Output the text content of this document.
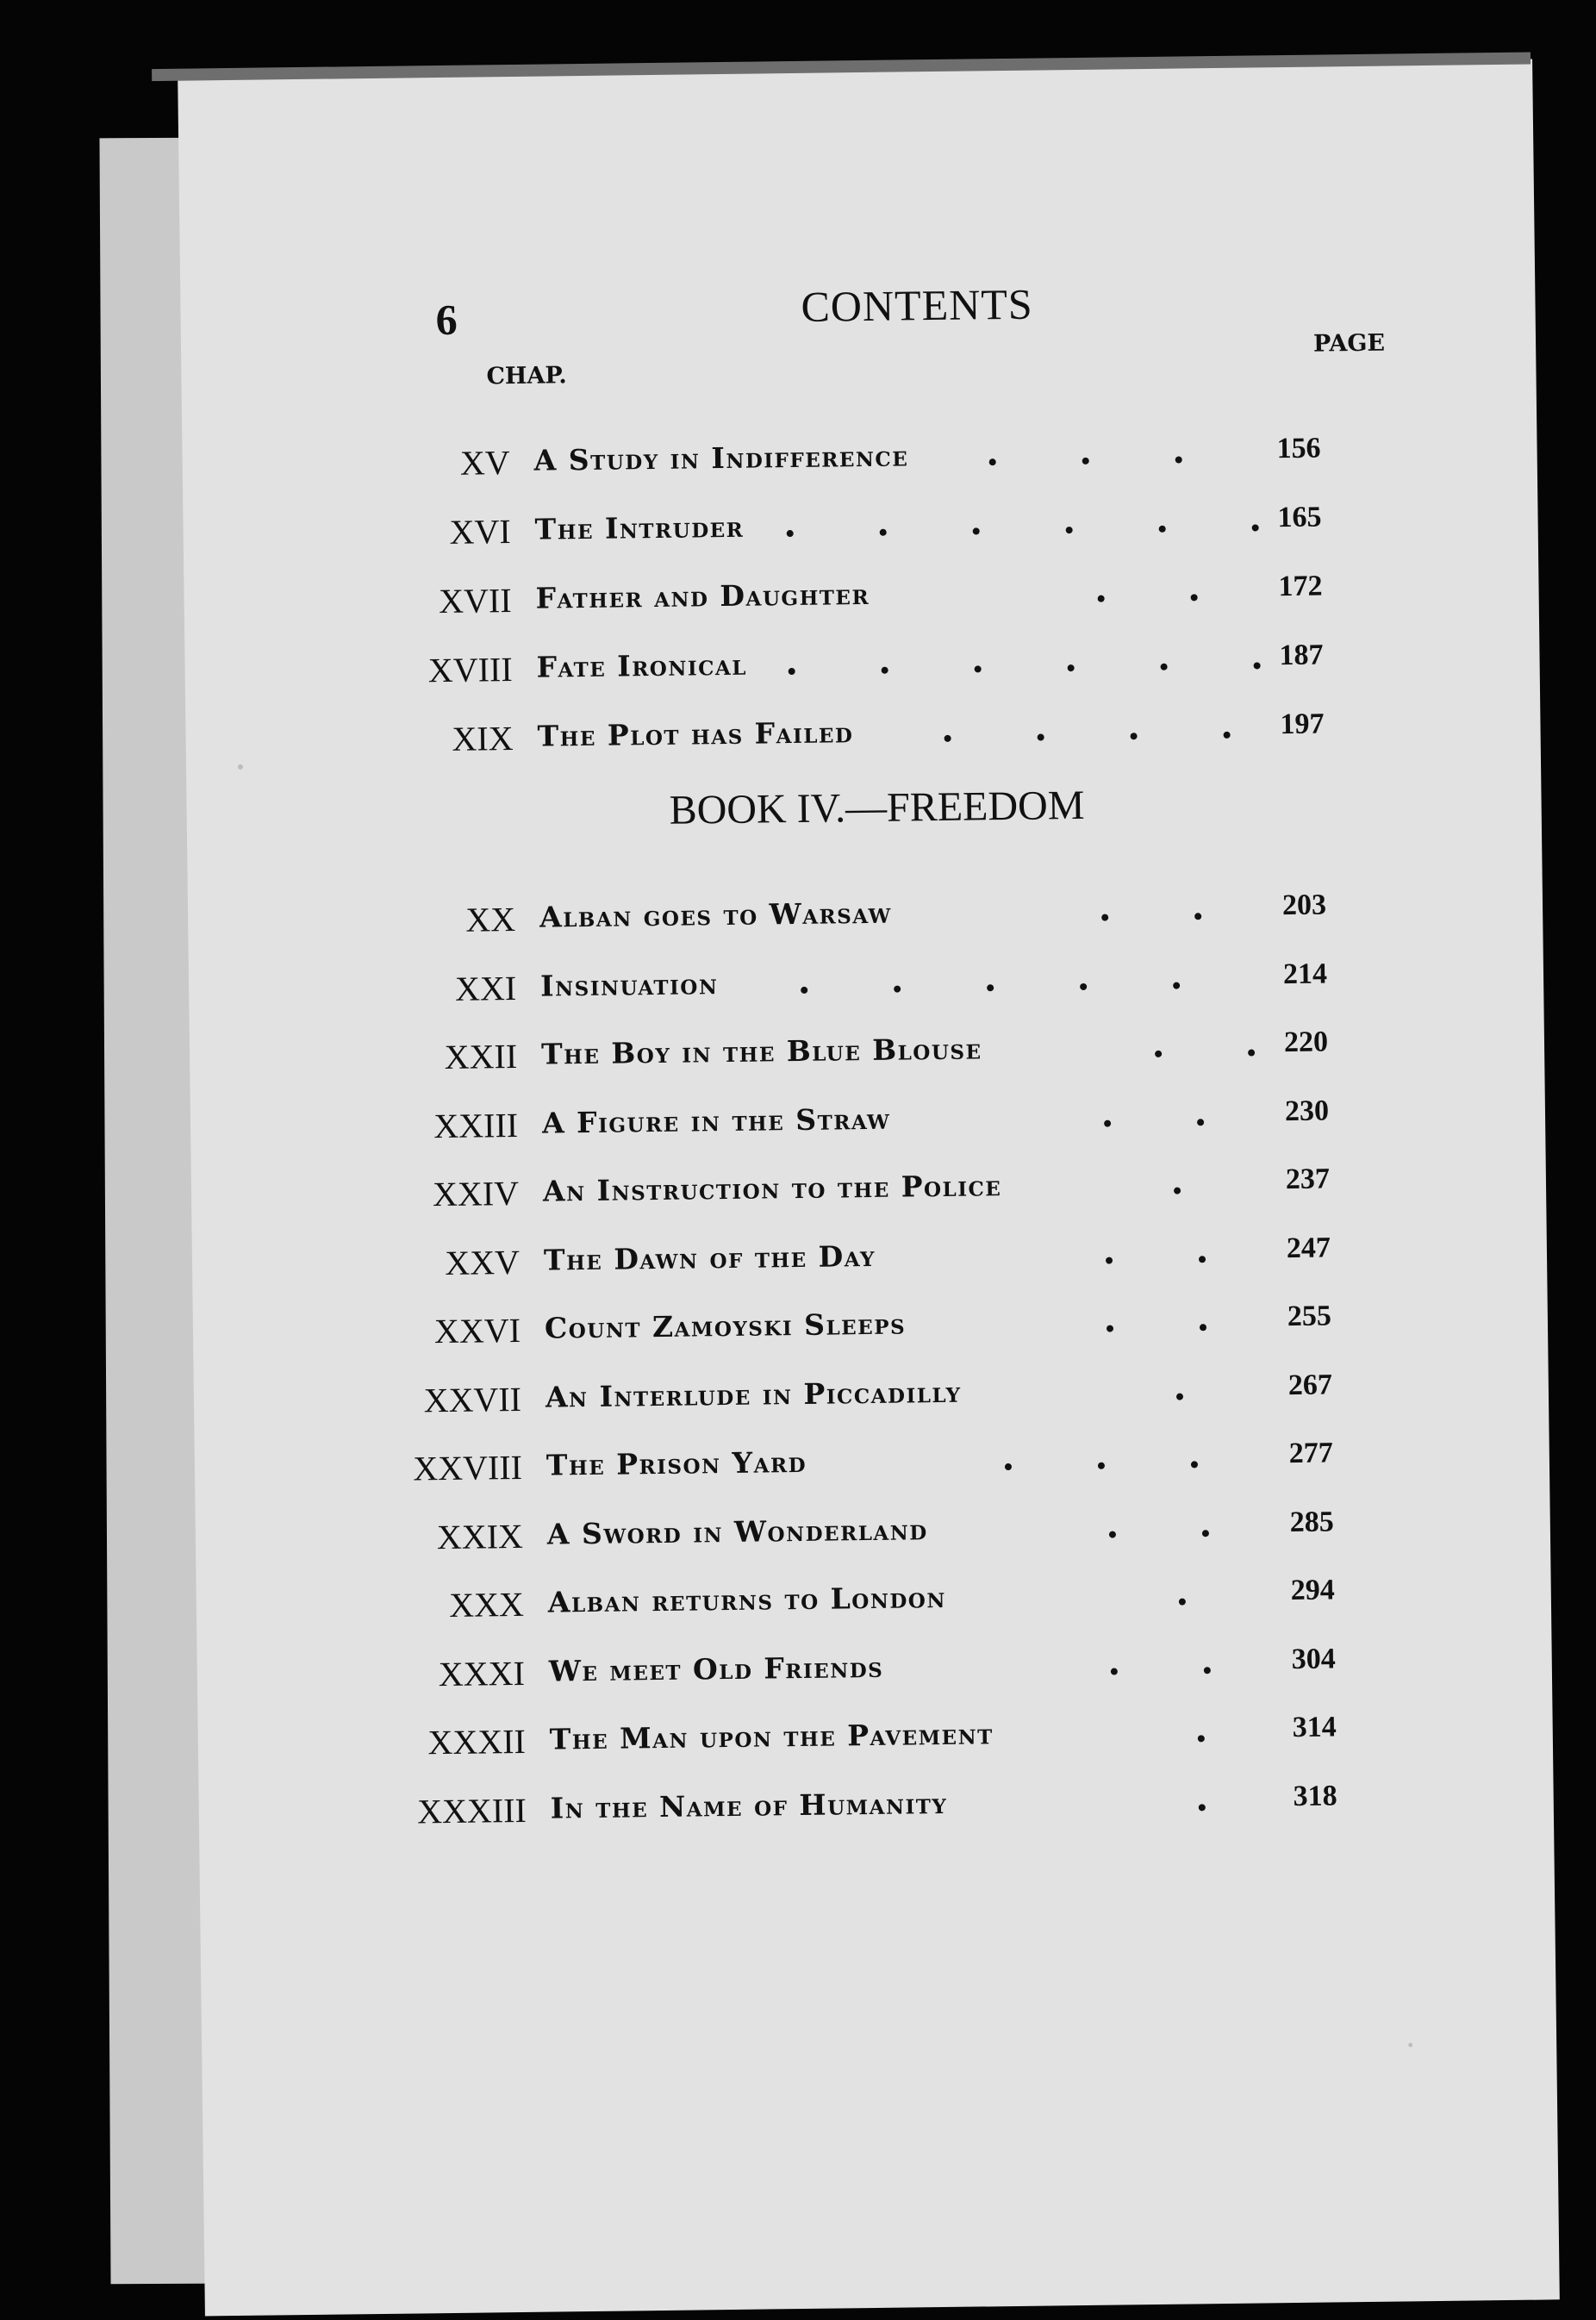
6	CONTENTS
CHAP.
PAGE
XV A Study in Indifference	156
XVI The Intruder	165
XVII Father and Daughter	172
XVIII Fate Ironical	187
XIX The Plot has Failed	197
BOOK IV.—FREEDOM
XX Alban goes to Warsaw	203
XXI Insinuation	214
XXII The Boy in the Blue Blouse	220
XXIII A Figure in the Straw	230
XXIV An Instruction to the Police	237
XXV The Dawn of the Day	247
XXVI Count Zamoyski Sleeps	255
XXVII An Interlude in Piccadilly	267
XXVIII The Prison Yard	277
XXIX A Sword in Wonderland	285
XXX Alban returns to London	294
XXXI We meet Old Friends	304
XXXII The Man upon the Pavement	314
XXXIII In the Name of Humanity	318
